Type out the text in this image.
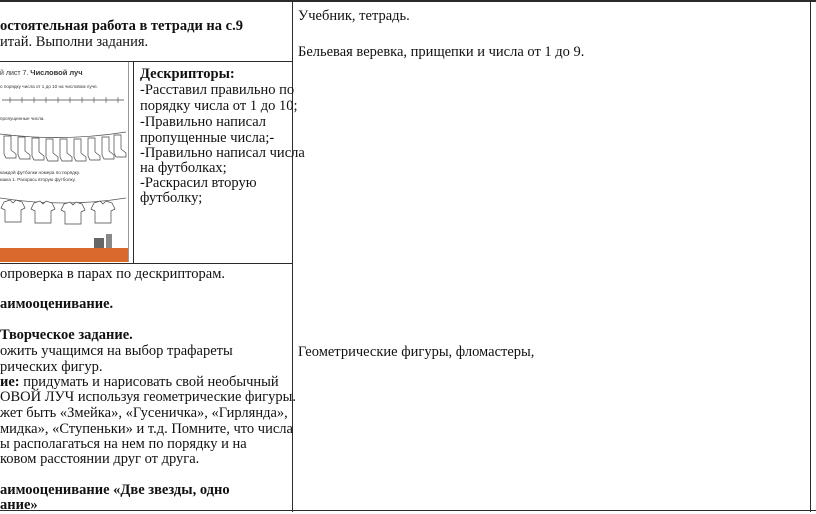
остоятельная работа в тетради на с.9
итай. Выполни задания.
й лист 7. Числовой луч
о порядку числа от 1 до 10 на числовом луче.
пропущенные числа.
каждой футболки номера по порядку.
ишка 1. Раскрась вторую футболку.
Дескрипторы:
-Расставил правильно по
порядку числа от 1 до 10;
-Правильно написал
пропущенные числа;-
-Правильно написал числа
на футболках;
-Раскрасил вторую
футболку;
опроверка в парах по дескрипторам.
аимооценивание.
Творческое задание.
ожить учащимся на выбор трафареты
рических фигур.
ие: придумать и нарисовать свой необычный
ОВОЙ ЛУЧ используя геометрические фигуры.
жет быть «Змейка», «Гусеничка», «Гирлянда»,
мидка», «Ступеньки» и т.д. Помните, что числа
ы располагаться на нем по порядку и на
ковом расстоянии друг от друга.
аимооценивание «Две звезды, одно
ание»
Учебник, тетрадь.
Бельевая веревка, прищепки и числа от 1 до 9.
Геометрические фигуры, фломастеры,
